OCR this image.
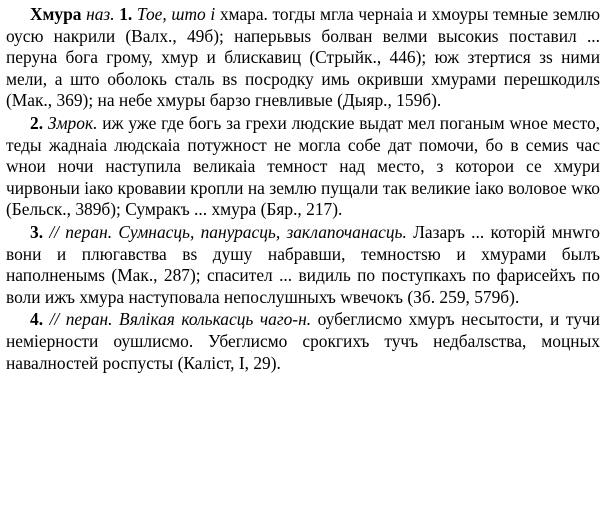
Хмура наз. 1. Тое, што і хмара. тогды мгла чернаіа и хмоуры темные землю оусю накрили (Валх., 49б); наперьвыs болван велми высокиs поставил ... перуна бога грому, хмур и блискавиц (Стрыйк., 446); юж зтертися зs ними мели, а што оболокь сталь вs посродку имь окривши хмурами перешкодилs (Мак., 369); на небе хмуры барзо гневливые (Дыяр., 159б).

2. Змрок. иж уже где богь за грехи людские выдат мел поганым wное место, теды жаднаіа людскаіа потужност не могла собе дат помочи, бо в семиs час wнои ночи наступила великаіа темност над местo, з которои се хмури чирвоныи іако кровавии кропли на землю пущали так великие іако воловое wко (Бельск., 389б); Сумракъ ... хмура (Бяр., 217).

3. // перан. Сумнасць, панурасць, заклапочанасць. Лазаръ ... которій мнwго вони и плюгавства вs душу набравши, темностsю и хмурами былъ наполненымs (Мак., 287); спасител ... видиль по поступкахъ по фарисейхъ по воли ижъ хмура наступовала непослушныхъ wвечокъ (Зб. 259, 579б).

4. // перан. Вялікая колькасць чаго-н. оубеглисмо хмуръ несытости, и тучи неміерности оушлисмо. Убеглисмо срокгихъ тучъ недбалsства, моцных навалностей роспусты (Каліст, I, 29).
